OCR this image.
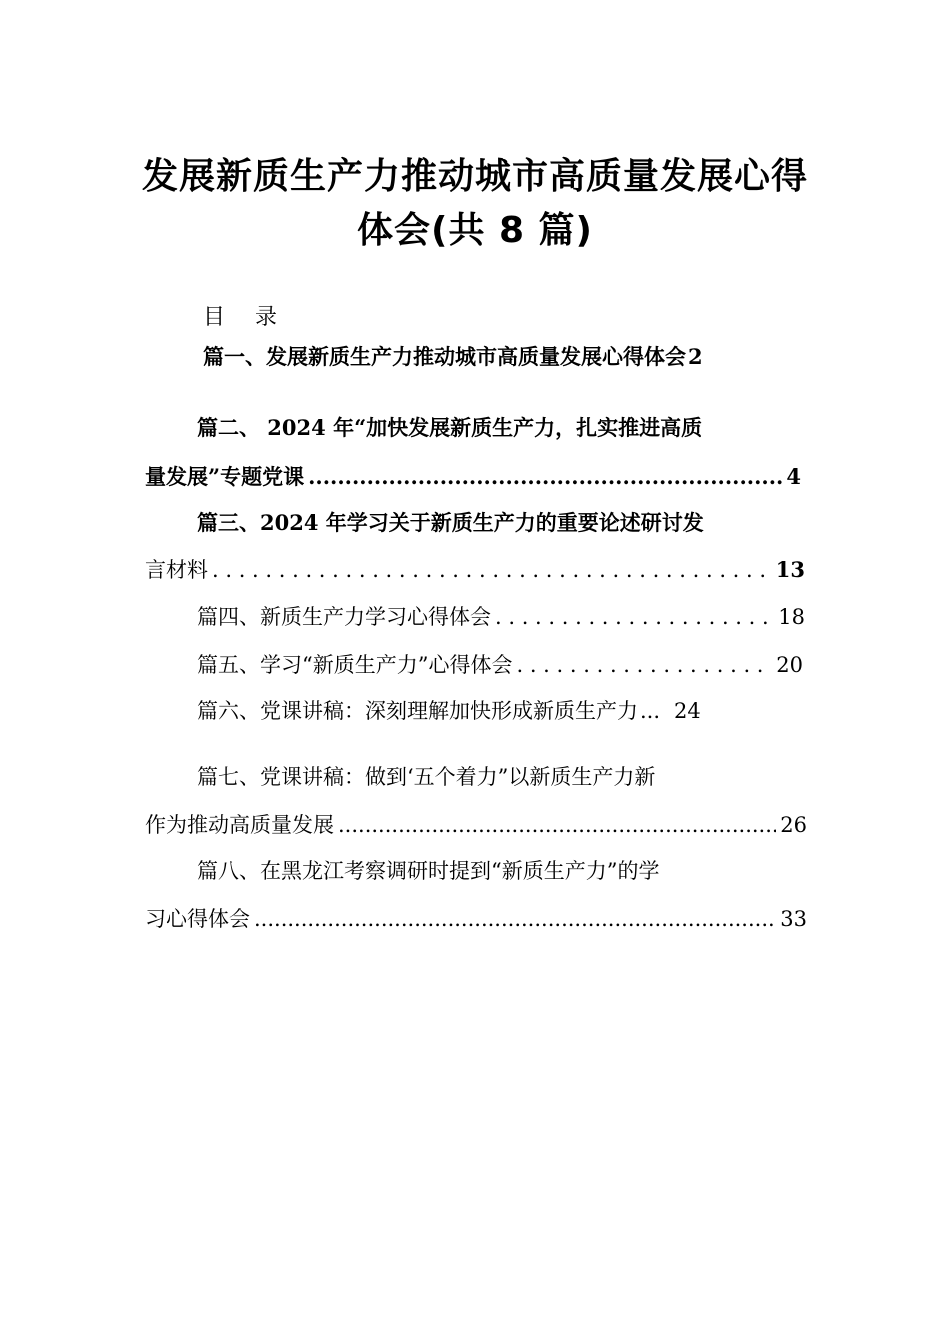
发展新质生产力推动城市高质量发展心得
体会(共 8 篇)
目 录
篇一、发展新质生产力推动城市高质量发展心得体会 2
篇二、 2024 年“加快发展新质生产力，扎实推进高质
量发展”专题党课 .....	4
篇三、2024 年学习关于新质生产力的重要论述研讨发
言材料 . . .	13
篇四、新质生产力学习心得体会 . . .	18
篇五、学习“新质生产力”心得体会 . . .	20
篇六、党课讲稿：深刻理解加快形成新质生产力 ... 24
篇七、党课讲稿：做到‘五个着力”以新质生产力新
作为推动高质量发展 .....	26
篇八、在黑龙江考察调研时提到“新质生产力”的学
习心得体会 .....	33
